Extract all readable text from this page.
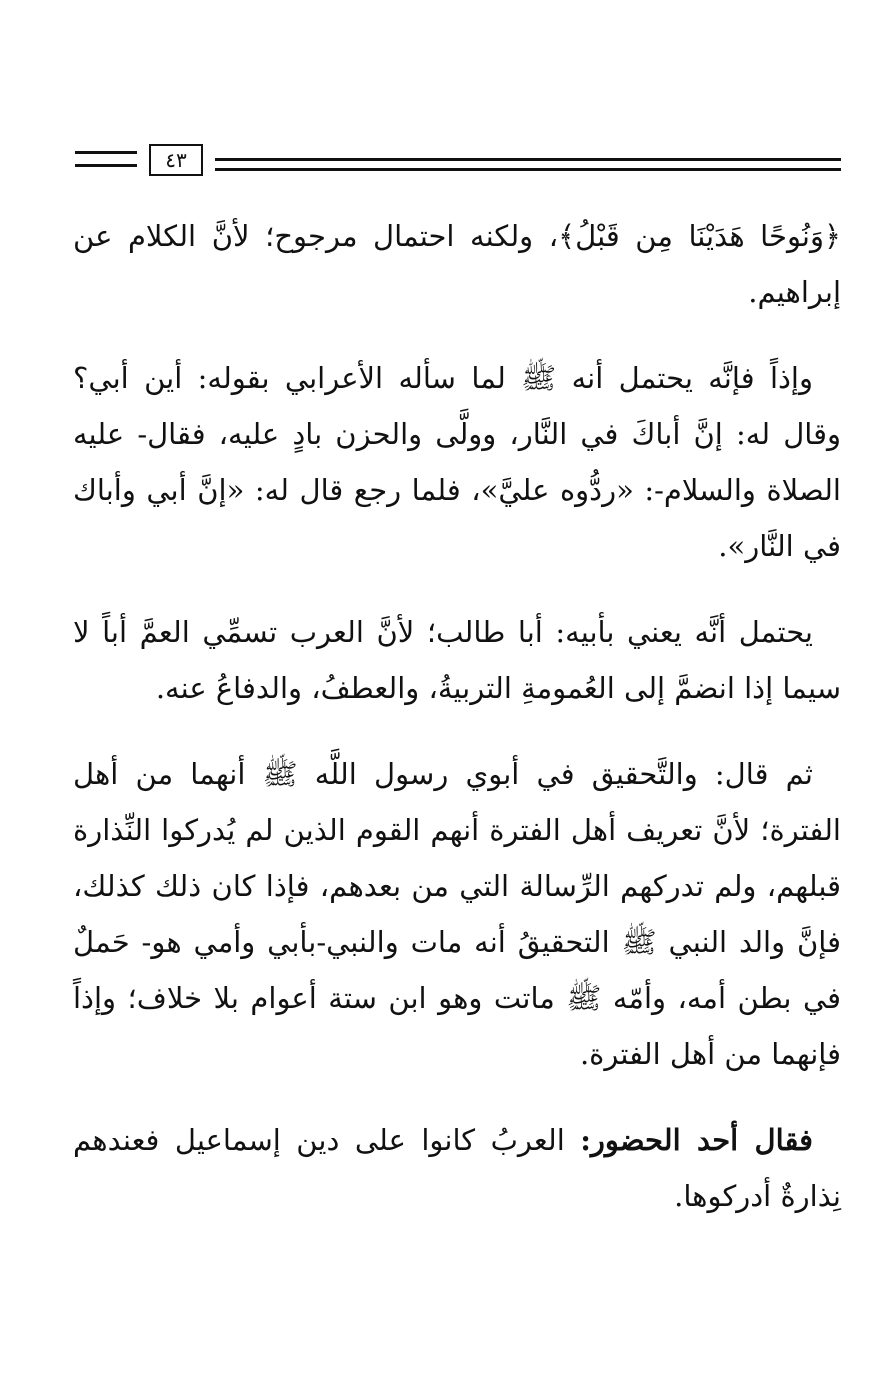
٤٣

﴿وَنُوحًا هَدَيْنَا مِن قَبْلُ﴾، ولكنه احتمال مرجوح؛ لأنَّ الكلام عن إبراهيم.

وإذاً فإنَّه يحتمل أنه ﷺ لما سأله الأعرابي بقوله: أين أبي؟ وقال له: إنَّ أباكَ في النَّار، وولَّى والحزن بادٍ عليه، فقال- عليه الصلاة والسلام-: «ردُّوه عليَّ»، فلما رجع قال له: «إنَّ أبي وأباك في النَّار».

يحتمل أنَّه يعني بأبيه: أبا طالب؛ لأنَّ العرب تسمِّي العمَّ أباً لا سيما إذا انضمَّ إلى العُمومةِ التربيةُ، والعطفُ، والدفاعُ عنه.

ثم قال: والتَّحقيق في أبوي رسول اللَّه ﷺ أنهما من أهل الفترة؛ لأنَّ تعريف أهل الفترة أنهم القوم الذين لم يُدركوا النِّذارة قبلهم، ولم تدركهم الرِّسالة التي من بعدهم، فإذا كان ذلك كذلك، فإنَّ والد النبي ﷺ التحقيقُ أنه مات والنبي-بأبي وأمي هو- حَملٌ في بطن أمه، وأمّه ﷺ ماتت وهو ابن ستة أعوام بلا خلاف؛ وإذاً فإنهما من أهل الفترة.

فقال أحد الحضور: العربُ كانوا على دين إسماعيل فعندهم نِذارةٌ أدركوها.
